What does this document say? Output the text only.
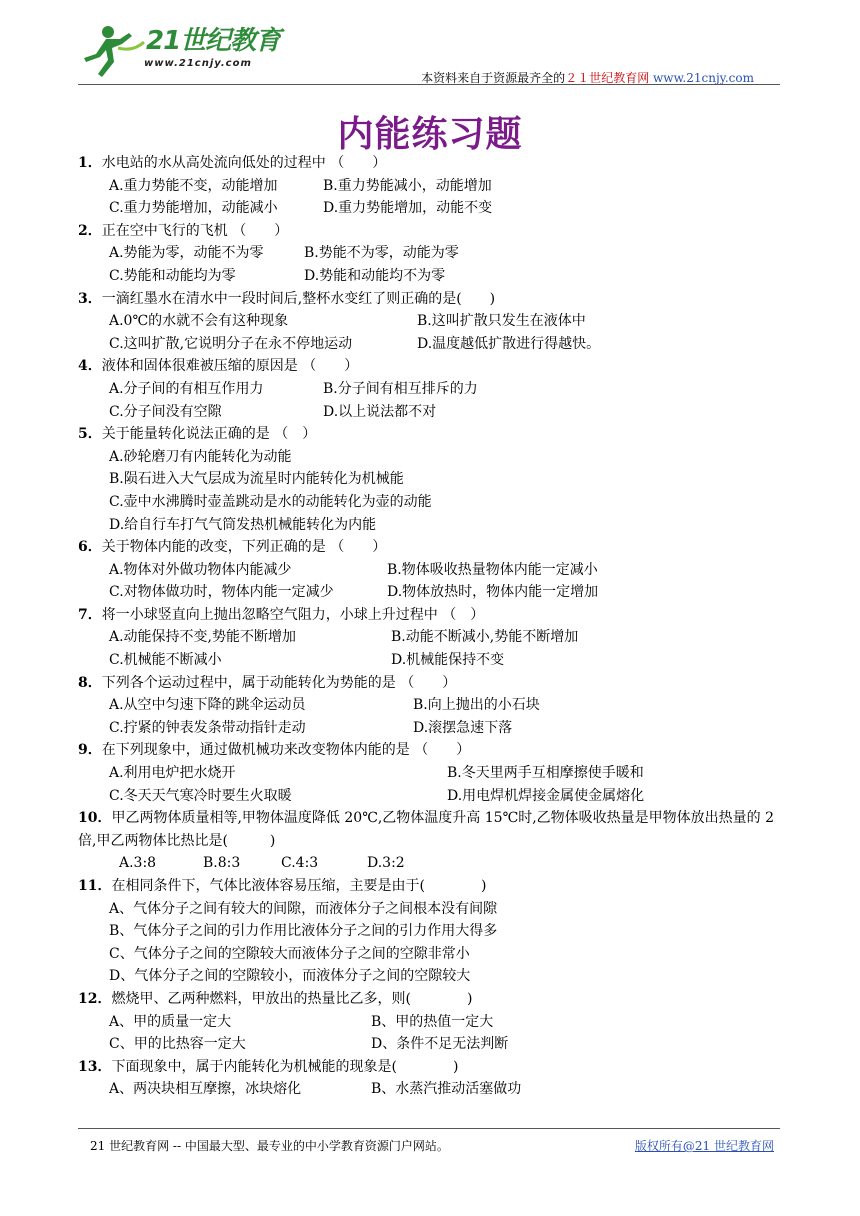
21世纪教育
www.21cnjy.com
本资料来自于资源最齐全的２１世纪教育网 www.21cnjy.com
内能练习题
1．水电站的水从高处流向低处的过程中 （　　）
A.重力势能不变，动能增加	B.重力势能减小，动能增加
C.重力势能增加，动能减小	D.重力势能增加，动能不变
2．正在空中飞行的飞机 （　　）
A.势能为零，动能不为零	B.势能不为零，动能为零
C.势能和动能均为零	D.势能和动能均不为零
3．一滴红墨水在清水中一段时间后,整杯水变红了则正确的是(　　)
A.0℃的水就不会有这种现象	B.这叫扩散只发生在液体中
C.这叫扩散,它说明分子在永不停地运动	D.温度越低扩散进行得越快。
4．液体和固体很难被压缩的原因是 （　　）
A.分子间的有相互作用力	B.分子间有相互排斥的力
C.分子间没有空隙	D.以上说法都不对
5．关于能量转化说法正确的是 （　）
A.砂轮磨刀有内能转化为动能
B.陨石进入大气层成为流星时内能转化为机械能
C.壶中水沸腾时壶盖跳动是水的动能转化为壶的动能
D.给自行车打气气筒发热机械能转化为内能
6．关于物体内能的改变，下列正确的是 （　　）
A.物体对外做功物体内能减少	B.物体吸收热量物体内能一定减小
C.对物体做功时，物体内能一定减少	D.物体放热时，物体内能一定增加
7．将一小球竖直向上抛出忽略空气阻力，小球上升过程中 （　）
A.动能保持不变,势能不断增加	B.动能不断减小,势能不断增加
C.机械能不断减小	D.机械能保持不变
8．下列各个运动过程中，属于动能转化为势能的是 （　　）
A.从空中匀速下降的跳伞运动员	B.向上抛出的小石块
C.拧紧的钟表发条带动指针走动	D.滚摆急速下落
9．在下列现象中，通过做机械功来改变物体内能的是 （　　）
A.利用电炉把水烧开	B.冬天里两手互相摩擦使手暖和
C.冬天天气寒冷时要生火取暖	D.用电焊机焊接金属使金属熔化
10．甲乙两物体质量相等,甲物体温度降低 20℃,乙物体温度升高 15℃时,乙物体吸收热量是甲物体放出热量的 2 倍,甲乙两物体比热比是(　　　)
A.3:8	B.8:3	C.4:3	D.3:2
11．在相同条件下，气体比液体容易压缩，主要是由于(　　　　)
A、气体分子之间有较大的间隙，而液体分子之间根本没有间隙
B、气体分子之间的引力作用比液体分子之间的引力作用大得多
C、气体分子之间的空隙较大而液体分子之间的空隙非常小
D、气体分子之间的空隙较小，而液体分子之间的空隙较大
12．燃烧甲、乙两种燃料，甲放出的热量比乙多，则(　　　　)
A、甲的质量一定大	B、甲的热值一定大
C、甲的比热容一定大	D、条件不足无法判断
13．下面现象中，属于内能转化为机械能的现象是(　　　　)
A、两决块相互摩擦，冰块熔化	B、水蒸汽推动活塞做功
21 世纪教育网 -- 中国最大型、最专业的中小学教育资源门户网站。	版权所有@21 世纪教育网
